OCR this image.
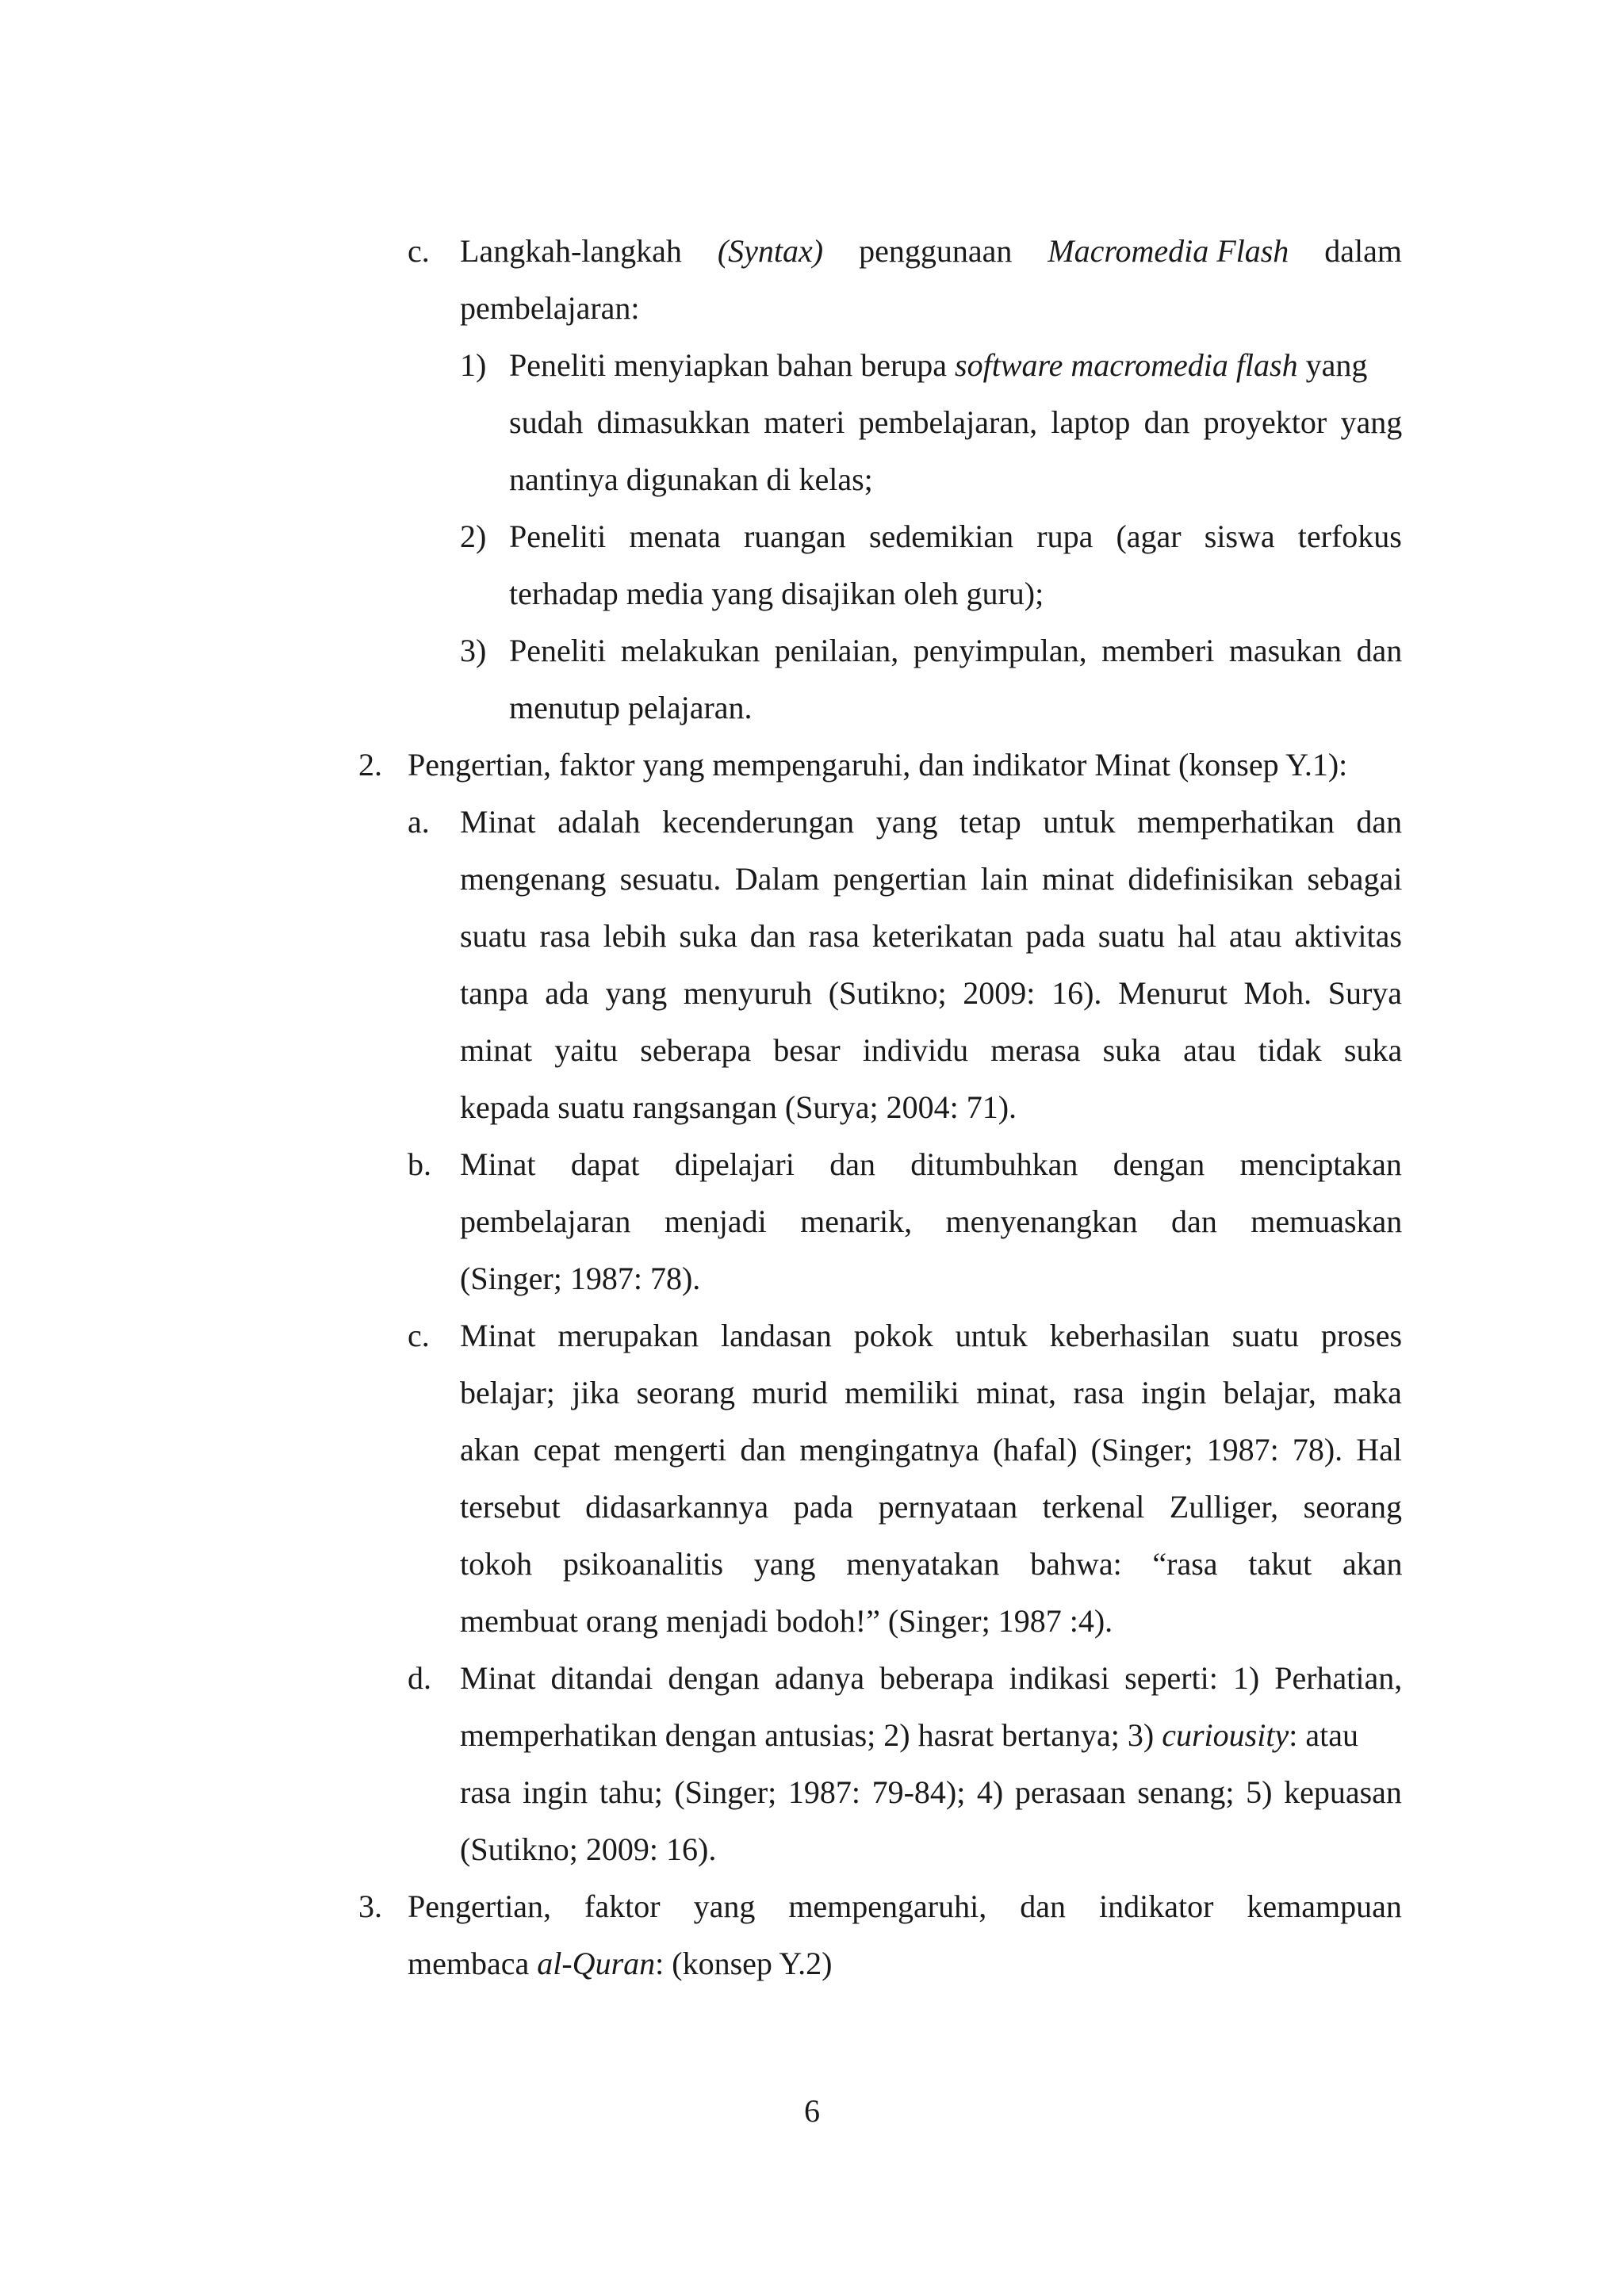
c. Langkah-langkah (Syntax) penggunaan Macromedia Flash dalam
pembelajaran:
1) Peneliti menyiapkan bahan berupa software macromedia flash yang
sudah dimasukkan materi pembelajaran, laptop dan proyektor yang
nantinya digunakan di kelas;
2) Peneliti menata ruangan sedemikian rupa (agar siswa terfokus
terhadap media yang disajikan oleh guru);
3) Peneliti melakukan penilaian, penyimpulan, memberi masukan dan
menutup pelajaran.
2. Pengertian, faktor yang mempengaruhi, dan indikator Minat (konsep Y.1):
a. Minat adalah kecenderungan yang tetap untuk memperhatikan dan
mengenang sesuatu. Dalam pengertian lain minat didefinisikan sebagai
suatu rasa lebih suka dan rasa keterikatan pada suatu hal atau aktivitas
tanpa ada yang menyuruh (Sutikno; 2009: 16). Menurut Moh. Surya
minat yaitu seberapa besar individu merasa suka atau tidak suka
kepada suatu rangsangan (Surya; 2004: 71).
b. Minat dapat dipelajari dan ditumbuhkan dengan menciptakan
pembelajaran menjadi menarik, menyenangkan dan memuaskan
(Singer; 1987: 78).
c. Minat merupakan landasan pokok untuk keberhasilan suatu proses
belajar; jika seorang murid memiliki minat, rasa ingin belajar, maka
akan cepat mengerti dan mengingatnya (hafal) (Singer; 1987: 78). Hal
tersebut didasarkannya pada pernyataan terkenal Zulliger, seorang
tokoh psikoanalitis yang menyatakan bahwa: “rasa takut akan
membuat orang menjadi bodoh!” (Singer; 1987 :4).
d. Minat ditandai dengan adanya beberapa indikasi seperti: 1) Perhatian,
memperhatikan dengan antusias; 2) hasrat bertanya; 3) curiousity: atau
rasa ingin tahu; (Singer; 1987: 79-84); 4) perasaan senang; 5) kepuasan
(Sutikno; 2009: 16).
3. Pengertian, faktor yang mempengaruhi, dan indikator kemampuan
membaca al-Quran: (konsep Y.2)
6
